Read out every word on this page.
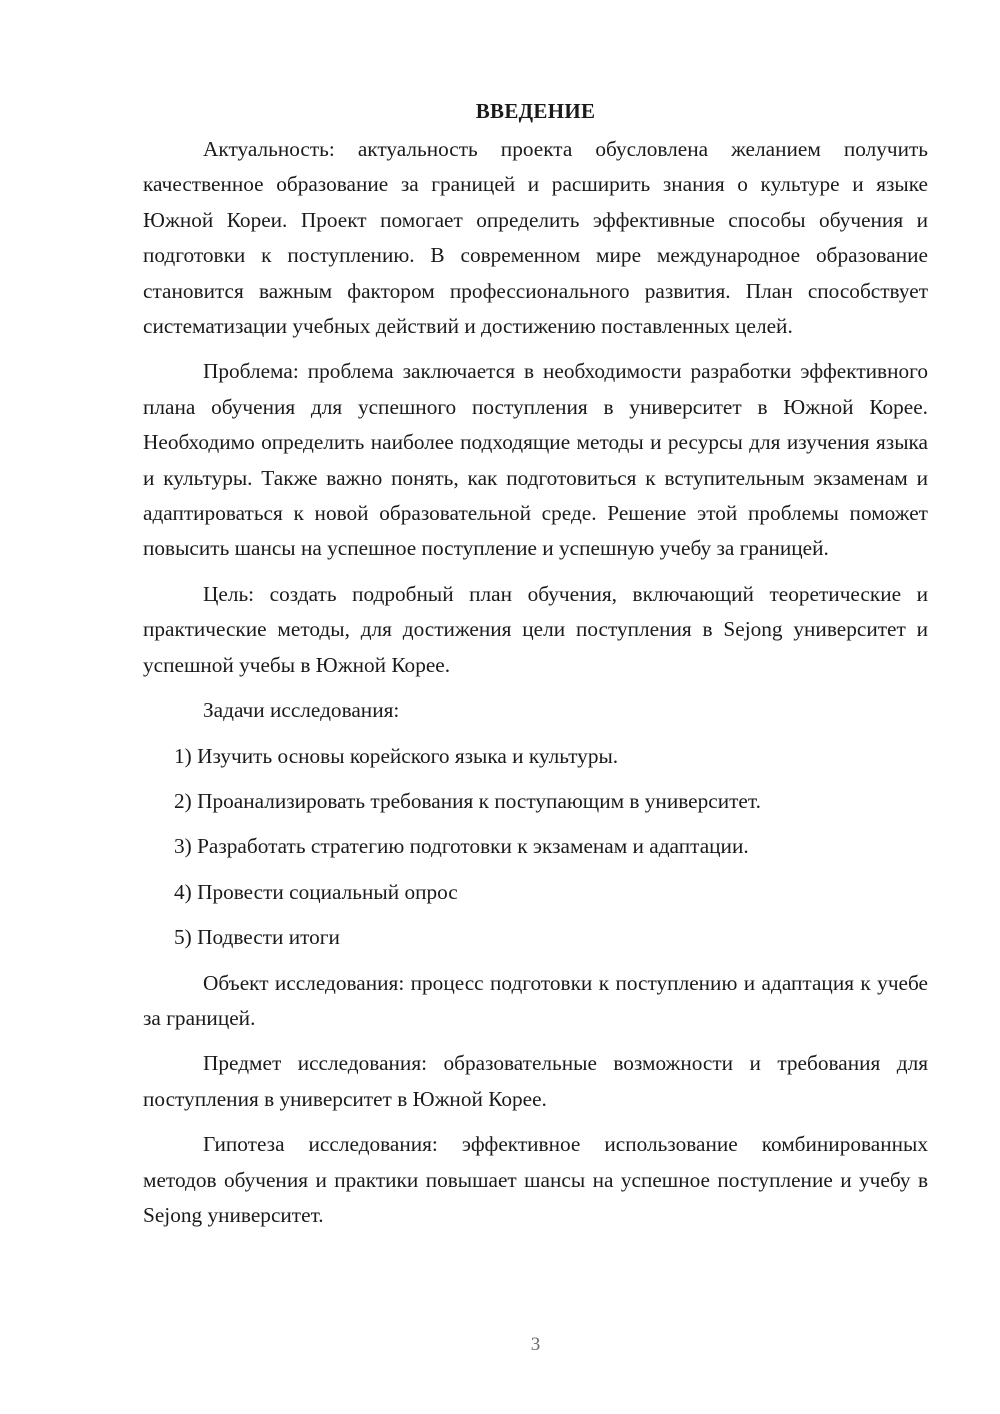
ВВЕДЕНИЕ

Актуальность: актуальность проекта обусловлена желанием получить качественное образование за границей и расширить знания о культуре и языке Южной Кореи. Проект помогает определить эффективные способы обучения и подготовки к поступлению. В современном мире международное образование становится важным фактором профессионального развития. План способствует систематизации учебных действий и достижению поставленных целей.

Проблема: проблема заключается в необходимости разработки эффективного плана обучения для успешного поступления в университет в Южной Корее. Необходимо определить наиболее подходящие методы и ресурсы для изучения языка и культуры. Также важно понять, как подготовиться к вступительным экзаменам и адаптироваться к новой образовательной среде. Решение этой проблемы поможет повысить шансы на успешное поступление и успешную учебу за границей.

Цель: создать подробный план обучения, включающий теоретические и практические методы, для достижения цели поступления в Sejong университет и успешной учебы в Южной Корее.

Задачи исследования:

1) Изучить основы корейского языка и культуры.

2) Проанализировать требования к поступающим в университет.

3) Разработать стратегию подготовки к экзаменам и адаптации.

4) Провести социальный опрос

5) Подвести итоги

Объект исследования: процесс подготовки к поступлению и адаптация к учебе за границей.

Предмет исследования: образовательные возможности и требования для поступления в университет в Южной Корее.

Гипотеза исследования: эффективное использование комбинированных методов обучения и практики повышает шансы на успешное поступление и учебу в Sejong университет.

3
